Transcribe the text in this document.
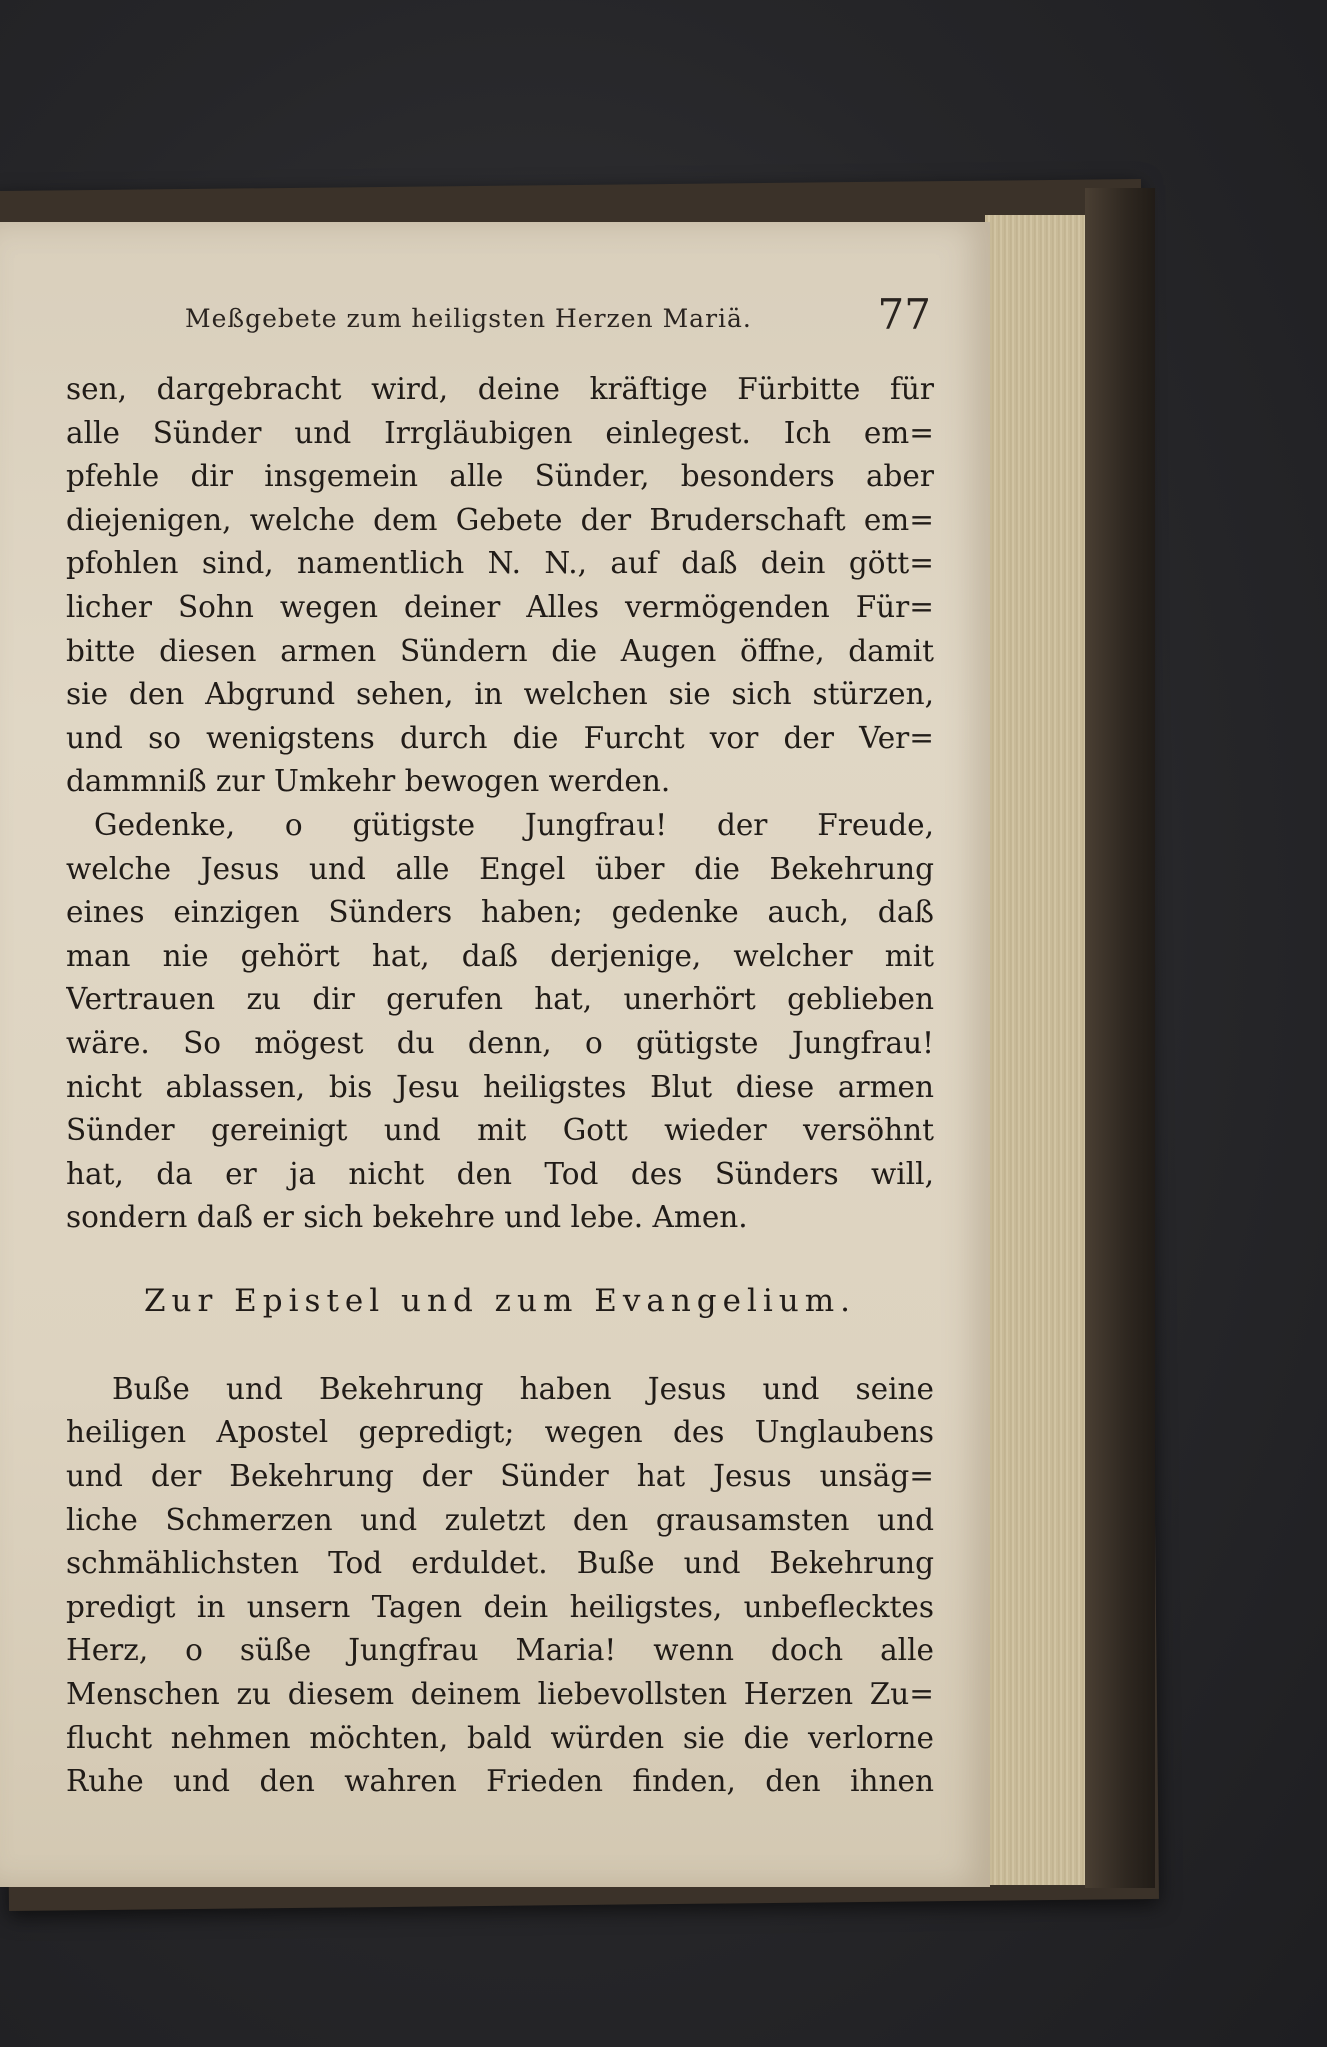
Meßgebete zum heiligsten Herzen Mariä.	77
sen, dargebracht wird, deine kräftige Fürbitte für
alle Sünder und Irrgläubigen einlegest. Ich em=
pfehle dir insgemein alle Sünder, besonders aber
diejenigen, welche dem Gebete der Bruderschaft em=
pfohlen sind, namentlich N. N., auf daß dein gött=
licher Sohn wegen deiner Alles vermögenden Für=
bitte diesen armen Sündern die Augen öffne, damit
sie den Abgrund sehen, in welchen sie sich stürzen,
und so wenigstens durch die Furcht vor der Ver=
dammniß zur Umkehr bewogen werden.
Gedenke, o gütigste Jungfrau! der Freude,
welche Jesus und alle Engel über die Bekehrung
eines einzigen Sünders haben; gedenke auch, daß
man nie gehört hat, daß derjenige, welcher mit
Vertrauen zu dir gerufen hat, unerhört geblieben
wäre. So mögest du denn, o gütigste Jungfrau!
nicht ablassen, bis Jesu heiligstes Blut diese armen
Sünder gereinigt und mit Gott wieder versöhnt
hat, da er ja nicht den Tod des Sünders will,
sondern daß er sich bekehre und lebe. Amen.
Zur Epistel und zum Evangelium.
Buße und Bekehrung haben Jesus und seine
heiligen Apostel gepredigt; wegen des Unglaubens
und der Bekehrung der Sünder hat Jesus unsäg=
liche Schmerzen und zuletzt den grausamsten und
schmählichsten Tod erduldet. Buße und Bekehrung
predigt in unsern Tagen dein heiligstes, unbeflecktes
Herz, o süße Jungfrau Maria! wenn doch alle
Menschen zu diesem deinem liebevollsten Herzen Zu=
flucht nehmen möchten, bald würden sie die verlorne
Ruhe und den wahren Frieden finden, den ihnen
